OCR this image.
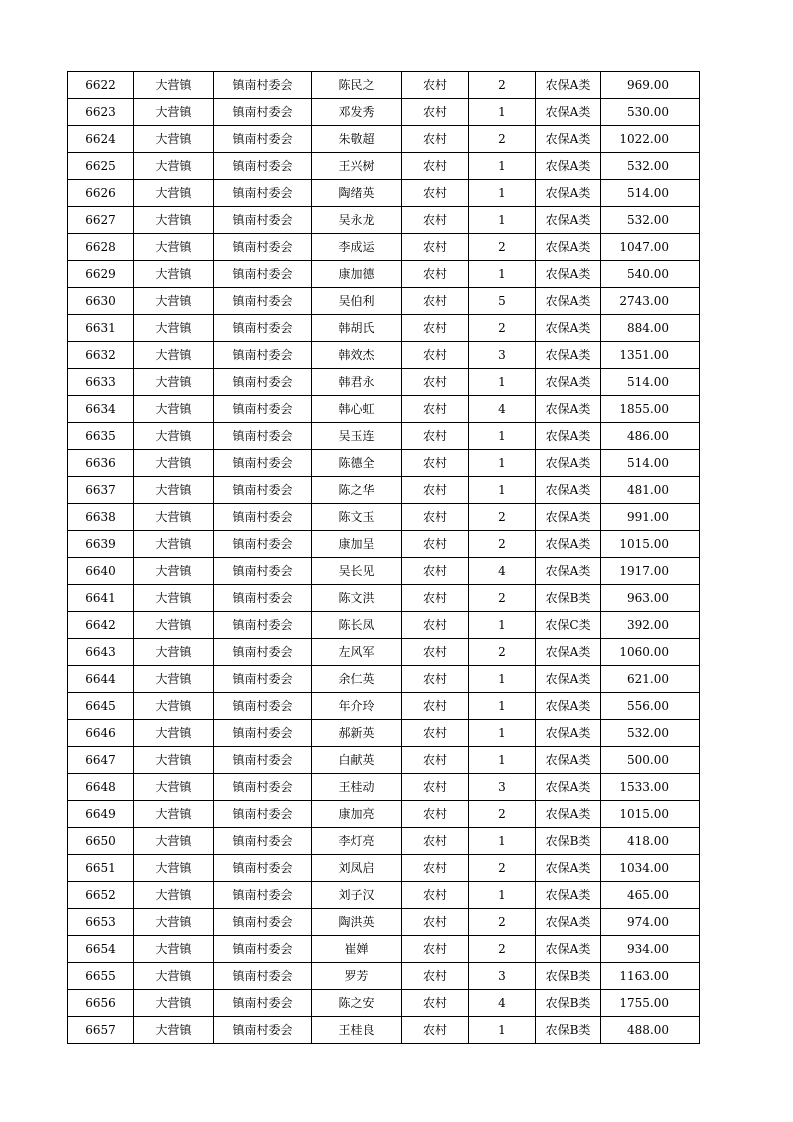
6622	大营镇	镇南村委会	陈民之	农村	2	农保A类	969.00
6623	大营镇	镇南村委会	邓发秀	农村	1	农保A类	530.00
6624	大营镇	镇南村委会	朱敬超	农村	2	农保A类	1022.00
6625	大营镇	镇南村委会	王兴树	农村	1	农保A类	532.00
6626	大营镇	镇南村委会	陶绪英	农村	1	农保A类	514.00
6627	大营镇	镇南村委会	吴永龙	农村	1	农保A类	532.00
6628	大营镇	镇南村委会	李成运	农村	2	农保A类	1047.00
6629	大营镇	镇南村委会	康加德	农村	1	农保A类	540.00
6630	大营镇	镇南村委会	吴伯利	农村	5	农保A类	2743.00
6631	大营镇	镇南村委会	韩胡氏	农村	2	农保A类	884.00
6632	大营镇	镇南村委会	韩效杰	农村	3	农保A类	1351.00
6633	大营镇	镇南村委会	韩君永	农村	1	农保A类	514.00
6634	大营镇	镇南村委会	韩心虹	农村	4	农保A类	1855.00
6635	大营镇	镇南村委会	吴玉连	农村	1	农保A类	486.00
6636	大营镇	镇南村委会	陈德全	农村	1	农保A类	514.00
6637	大营镇	镇南村委会	陈之华	农村	1	农保A类	481.00
6638	大营镇	镇南村委会	陈文玉	农村	2	农保A类	991.00
6639	大营镇	镇南村委会	康加呈	农村	2	农保A类	1015.00
6640	大营镇	镇南村委会	吴长见	农村	4	农保A类	1917.00
6641	大营镇	镇南村委会	陈文洪	农村	2	农保B类	963.00
6642	大营镇	镇南村委会	陈长凤	农村	1	农保C类	392.00
6643	大营镇	镇南村委会	左风军	农村	2	农保A类	1060.00
6644	大营镇	镇南村委会	余仁英	农村	1	农保A类	621.00
6645	大营镇	镇南村委会	年介玲	农村	1	农保A类	556.00
6646	大营镇	镇南村委会	郝新英	农村	1	农保A类	532.00
6647	大营镇	镇南村委会	白献英	农村	1	农保A类	500.00
6648	大营镇	镇南村委会	王桂动	农村	3	农保A类	1533.00
6649	大营镇	镇南村委会	康加亮	农村	2	农保A类	1015.00
6650	大营镇	镇南村委会	李灯亮	农村	1	农保B类	418.00
6651	大营镇	镇南村委会	刘凤启	农村	2	农保A类	1034.00
6652	大营镇	镇南村委会	刘子汉	农村	1	农保A类	465.00
6653	大营镇	镇南村委会	陶洪英	农村	2	农保A类	974.00
6654	大营镇	镇南村委会	崔婵	农村	2	农保A类	934.00
6655	大营镇	镇南村委会	罗芳	农村	3	农保B类	1163.00
6656	大营镇	镇南村委会	陈之安	农村	4	农保B类	1755.00
6657	大营镇	镇南村委会	王桂良	农村	1	农保B类	488.00
